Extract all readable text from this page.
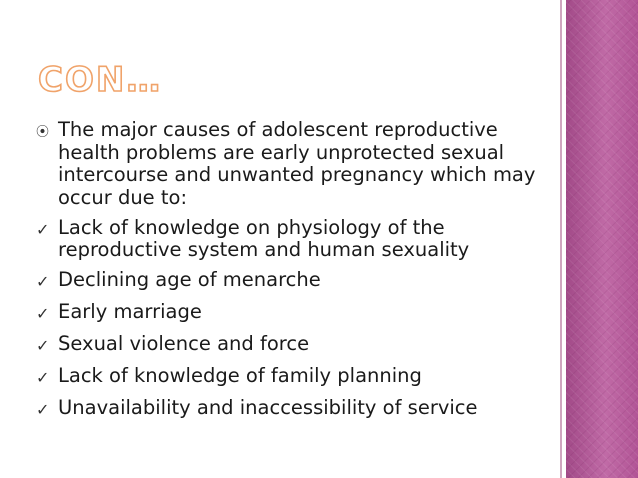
CON…
⦿ The major causes of adolescent reproductive health problems are early unprotected sexual intercourse and unwanted pregnancy which may occur due to:
✓ Lack of knowledge on physiology of the reproductive system and human sexuality
✓ Declining age of menarche
✓ Early marriage
✓ Sexual violence and force
✓ Lack of knowledge of family planning
✓ Unavailability and inaccessibility of service
